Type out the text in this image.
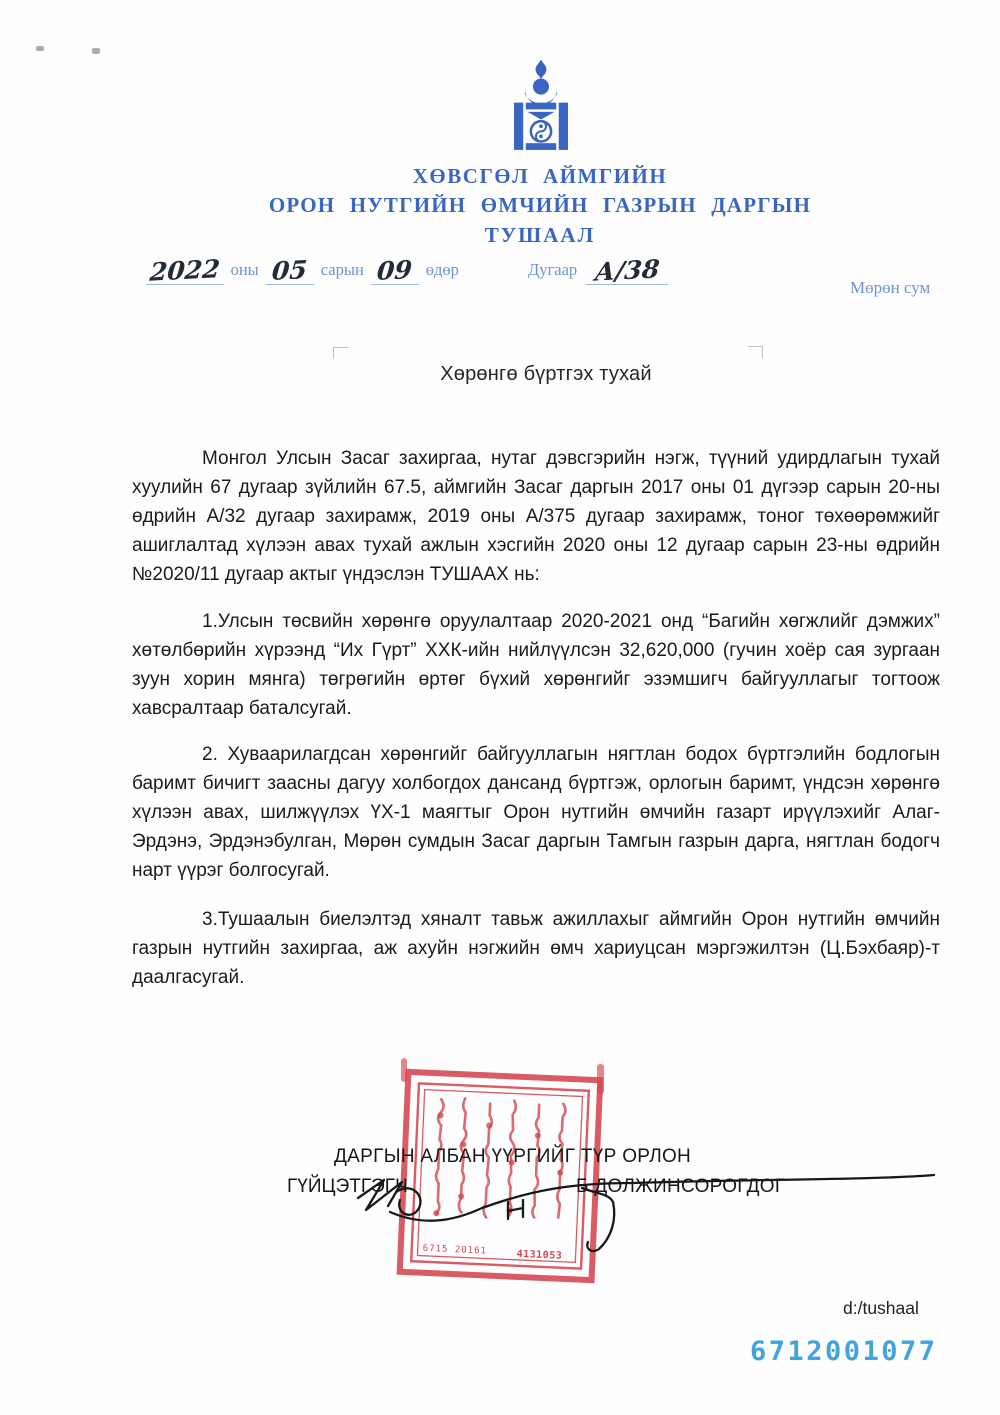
ХӨВСГӨЛ АЙМГИЙН
ОРОН НУТГИЙН ӨМЧИЙН ГАЗРЫН ДАРГЫН
ТУШААЛ
2022 оны 05 сарын 09 өдөр	Дугаар А/38
Мөрөн сум
Хөрөнгө бүртгэх тухай

Монгол Улсын Засаг захиргаа, нутаг дэвсгэрийн нэгж, түүний удирдлагын тухай хуулийн 67 дугаар зүйлийн 67.5, аймгийн Засаг даргын 2017 оны 01 дүгээр сарын 20-ны өдрийн А/32 дугаар захирамж, 2019 оны А/375 дугаар захирамж, тоног төхөөрөмжийг ашиглалтад хүлээн авах тухай ажлын хэсгийн 2020 оны 12 дугаар сарын 23-ны өдрийн №2020/11 дугаар актыг үндэслэн ТУШААХ нь:

1.Улсын төсвийн хөрөнгө оруулалтаар 2020-2021 онд “Багийн хөгжлийг дэмжих” хөтөлбөрийн хүрээнд “Их Гүрт” ХХК-ийн нийлүүлсэн 32,620,000 (гучин хоёр сая зургаан зуун хорин мянга) төгрөгийн өртөг бүхий хөрөнгийг эзэмшигч байгууллагыг тогтоож хавсралтаар баталсугай.

2. Хуваарилагдсан хөрөнгийг байгууллагын нягтлан бодох бүртгэлийн бодлогын баримт бичигт заасны дагуу холбогдох дансанд бүртгэж, орлогын баримт, үндсэн хөрөнгө хүлээн авах, шилжүүлэх ҮХ-1 маягтыг Орон нутгийн өмчийн газарт ирүүлэхийг Алаг-Эрдэнэ, Эрдэнэбулган, Мөрөн сумдын Засаг даргын Тамгын газрын дарга, нягтлан бодогч нарт үүрэг болгосугай.

3.Тушаалын биелэлтэд хяналт тавьж ажиллахыг аймгийн Орон нутгийн өмчийн газрын нутгийн захиргаа, аж ахуйн нэгжийн өмч хариуцсан мэргэжилтэн (Ц.Бэхбаяр)-т даалгасугай.

6715 20161	4131053
ДАРГЫН АЛБАН ҮҮРГИЙГ ТҮР ОРЛОН
ГҮЙЦЭТГЭГЧ	Б.ДОЛЖИНСОРОГДОГ
d:/tushaal
6712001077
